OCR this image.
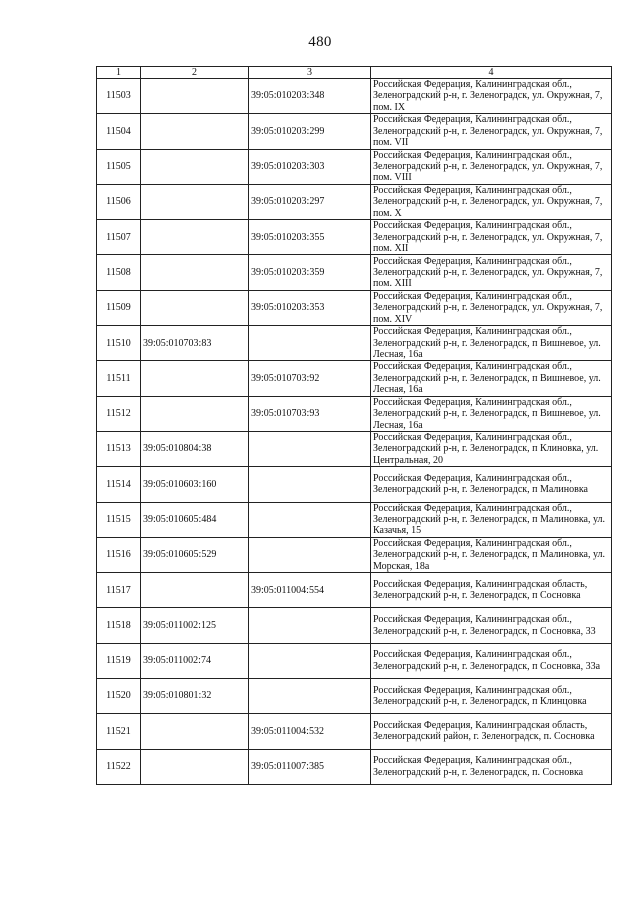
480
1	2	3	4
11503		39:05:010203:348	Российская Федерация, Калининградская обл., Зеленоградский р-н, г. Зеленоградск, ул. Окружная, 7, пом. IX
11504		39:05:010203:299	Российская Федерация, Калининградская обл., Зеленоградский р-н, г. Зеленоградск, ул. Окружная, 7, пом. VII
11505		39:05:010203:303	Российская Федерация, Калининградская обл., Зеленоградский р-н, г. Зеленоградск, ул. Окружная, 7, пом. VIII
11506		39:05:010203:297	Российская Федерация, Калининградская обл., Зеленоградский р-н, г. Зеленоградск, ул. Окружная, 7, пом. X
11507		39:05:010203:355	Российская Федерация, Калининградская обл., Зеленоградский р-н, г. Зеленоградск, ул. Окружная, 7, пом. XII
11508		39:05:010203:359	Российская Федерация, Калининградская обл., Зеленоградский р-н, г. Зеленоградск, ул. Окружная, 7, пом. XIII
11509		39:05:010203:353	Российская Федерация, Калининградская обл., Зеленоградский р-н, г. Зеленоградск, ул. Окружная, 7, пом. XIV
11510	39:05:010703:83		Российская Федерация, Калининградская обл., Зеленоградский р-н, г. Зеленоградск, п Вишневое, ул. Лесная, 16а
11511		39:05:010703:92	Российская Федерация, Калининградская обл., Зеленоградский р-н, г. Зеленоградск, п Вишневое, ул. Лесная, 16а
11512		39:05:010703:93	Российская Федерация, Калининградская обл., Зеленоградский р-н, г. Зеленоградск, п Вишневое, ул. Лесная, 16а
11513	39:05:010804:38		Российская Федерация, Калининградская обл., Зеленоградский р-н, г. Зеленоградск, п Клиновка, ул. Центральная, 20
11514	39:05:010603:160		Российская Федерация, Калининградская обл., Зеленоградский р-н, г. Зеленоградск, п Малиновка
11515	39:05:010605:484		Российская Федерация, Калининградская обл., Зеленоградский р-н, г. Зеленоградск, п Малиновка, ул. Казачья, 15
11516	39:05:010605:529		Российская Федерация, Калининградская обл., Зеленоградский р-н, г. Зеленоградск, п Малиновка, ул. Морская, 18а
11517		39:05:011004:554	Российская Федерация, Калининградская область, Зеленоградский р-н, г. Зеленоградск, п Сосновка
11518	39:05:011002:125		Российская Федерация, Калининградская обл., Зеленоградский р-н, г. Зеленоградск, п Сосновка, 33
11519	39:05:011002:74		Российская Федерация, Калининградская обл., Зеленоградский р-н, г. Зеленоградск, п Сосновка, 33а
11520	39:05:010801:32		Российская Федерация, Калининградская обл., Зеленоградский р-н, г. Зеленоградск, п Клинцовка
11521		39:05:011004:532	Российская Федерация, Калининградская область, Зеленоградский район, г. Зеленоградск, п. Сосновка
11522		39:05:011007:385	Российская Федерация, Калининградская обл., Зеленоградский р-н, г. Зеленоградск, п. Сосновка
